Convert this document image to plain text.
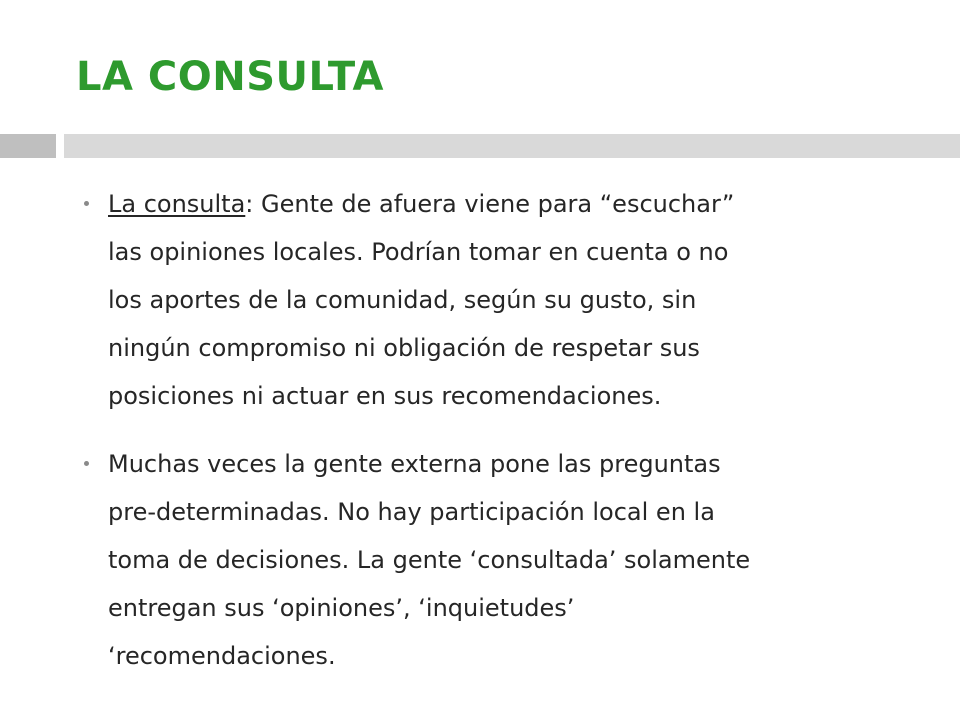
LA CONSULTA
La consulta: Gente de afuera viene para “escuchar”
las opiniones locales. Podrían tomar en cuenta o no
los aportes de la comunidad, según su gusto, sin
ningún compromiso ni obligación de respetar sus
posiciones ni actuar en sus recomendaciones.
Muchas veces la gente externa pone las preguntas
pre-determinadas. No hay participación local en la
toma de decisiones. La gente ‘consultada’ solamente
entregan sus ‘opiniones’, ‘inquietudes’
‘recomendaciones.
